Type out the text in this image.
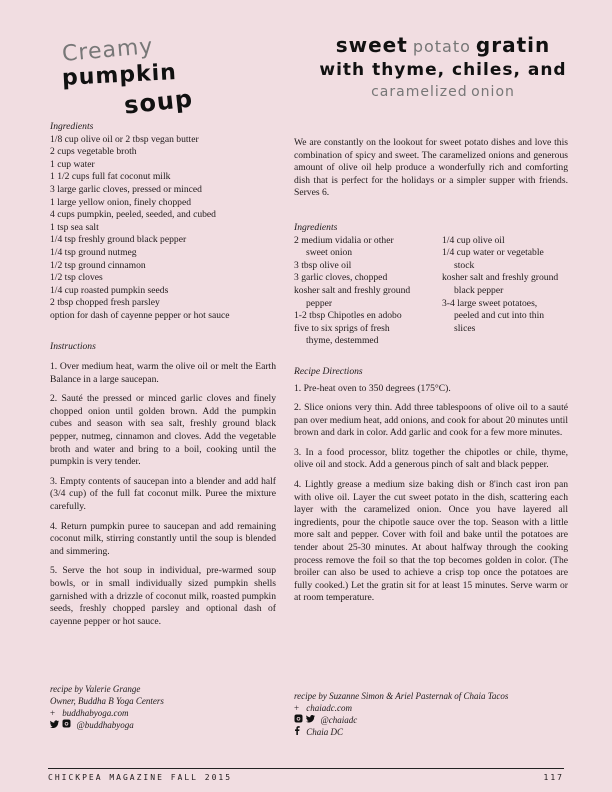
Creamy pumpkin
soup
sweet potato gratin
with thyme, chiles, and
caramelized onion

Ingredients

1/8 cup olive oil or 2 tbsp vegan butter
2 cups vegetable broth
1 cup water
1 1/2 cups full fat coconut milk
3 large garlic cloves, pressed or minced
1 large yellow onion, finely chopped
4 cups pumpkin, peeled, seeded, and cubed
1 tsp sea salt
1/4 tsp freshly ground black pepper
1/4 tsp ground nutmeg
1/2 tsp ground cinnamon
1/2 tsp cloves
1/4 cup roasted pumpkin seeds
2 tbsp chopped fresh parsley
option for dash of cayenne pepper or hot sauce

Instructions

1. Over medium heat, warm the olive oil or melt the Earth Balance in a large saucepan.

2. Sauté the pressed or minced garlic cloves and finely chopped onion until golden brown. Add the pumpkin cubes and season with sea salt, freshly ground black pepper, nutmeg, cinnamon and cloves. Add the vegetable broth and water and bring to a boil, cooking until the pumpkin is very tender.

3. Empty contents of saucepan into a blender and add half (3/4 cup) of the full fat coconut milk. Puree the mixture carefully.

4. Return pumpkin puree to saucepan and add remaining coconut milk, stirring constantly until the soup is blended and simmering.

5. Serve the hot soup in individual, pre-warmed soup bowls, or in small individually sized pumpkin shells garnished with a drizzle of coconut milk, roasted pumpkin seeds, freshly chopped parsley and optional dash of cayenne pepper or hot sauce.

recipe by Valerie Grange
Owner, Buddha B Yoga Centers
+ buddhabyoga.com
@buddhabyoga

We are constantly on the lookout for sweet potato dishes and love this combination of spicy and sweet. The caramelized onions and generous amount of olive oil help produce a wonderfully rich and comforting dish that is perfect for the holidays or a simpler supper with friends. Serves 6.

Ingredients

2 medium vidalia or other
sweet onion
3 tbsp olive oil
3 garlic cloves, chopped
kosher salt and freshly ground
pepper
1-2 tbsp Chipotles en adobo
five to six sprigs of fresh
thyme, destemmed
1/4 cup olive oil
1/4 cup water or vegetable
stock
kosher salt and freshly ground
black pepper
3-4 large sweet potatoes,
peeled and cut into thin
slices

Recipe Directions

1. Pre-heat oven to 350 degrees (175°C).

2. Slice onions very thin. Add three tablespoons of olive oil to a sauté pan over medium heat, add onions, and cook for about 20 minutes until brown and dark in color. Add garlic and cook for a few more minutes.

3. In a food processor, blitz together the chipotles or chile, thyme, olive oil and stock. Add a generous pinch of salt and black pepper.

4. Lightly grease a medium size baking dish or 8'inch cast iron pan with olive oil. Layer the cut sweet potato in the dish, scattering each layer with the caramelized onion. Once you have layered all ingredients, pour the chipotle sauce over the top. Season with a little more salt and pepper. Cover with foil and bake until the potatoes are tender about 25-30 minutes. At about halfway through the cooking process remove the foil so that the top becomes golden in color. (The broiler can also be used to achieve a crisp top once the potatoes are fully cooked.) Let the gratin sit for at least 15 minutes. Serve warm or at room temperature.

recipe by Suzanne Simon & Ariel Pasternak of Chaia Tacos
+ chaiadc.com
@chaiadc
Chaia DC
CHICKPEA MAGAZINE FALL 2015	117
